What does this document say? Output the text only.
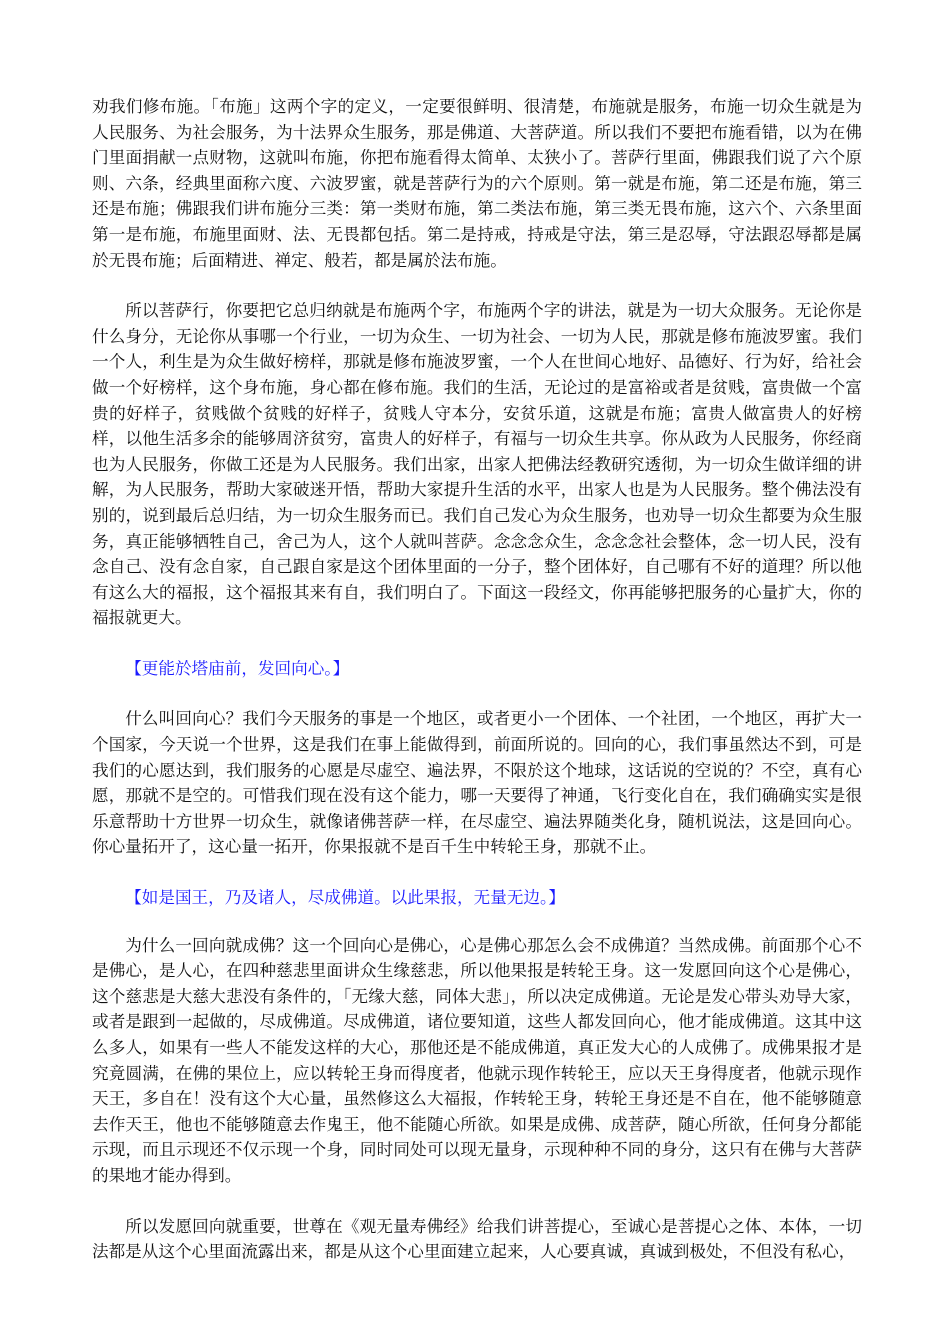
劝我们修布施。「布施」这两个字的定义，一定要很鲜明、很清楚，布施就是服务，布施一切众生就是为人民服务、为社会服务，为十法界众生服务，那是佛道、大菩萨道。所以我们不要把布施看错，以为在佛门里面捐献一点财物，这就叫布施，你把布施看得太简单、太狭小了。菩萨行里面，佛跟我们说了六个原则、六条，经典里面称六度、六波罗蜜，就是菩萨行为的六个原则。第一就是布施，第二还是布施，第三还是布施；佛跟我们讲布施分三类：第一类财布施，第二类法布施，第三类无畏布施，这六个、六条里面第一是布施，布施里面财、法、无畏都包括。第二是持戒，持戒是守法，第三是忍辱，守法跟忍辱都是属於无畏布施；后面精进、禅定、般若，都是属於法布施。

所以菩萨行，你要把它总归纳就是布施两个字，布施两个字的讲法，就是为一切大众服务。无论你是什么身分，无论你从事哪一个行业，一切为众生、一切为社会、一切为人民，那就是修布施波罗蜜。我们一个人，利生是为众生做好榜样，那就是修布施波罗蜜，一个人在世间心地好、品德好、行为好，给社会做一个好榜样，这个身布施，身心都在修布施。我们的生活，无论过的是富裕或者是贫贱，富贵做一个富贵的好样子，贫贱做个贫贱的好样子，贫贱人守本分，安贫乐道，这就是布施；富贵人做富贵人的好榜样，以他生活多余的能够周济贫穷，富贵人的好样子，有福与一切众生共享。你从政为人民服务，你经商也为人民服务，你做工还是为人民服务。我们出家，出家人把佛法经教研究透彻，为一切众生做详细的讲解，为人民服务，帮助大家破迷开悟，帮助大家提升生活的水平，出家人也是为人民服务。整个佛法没有别的，说到最后总归结，为一切众生服务而已。我们自己发心为众生服务，也劝导一切众生都要为众生服务，真正能够牺牲自己，舍己为人，这个人就叫菩萨。念念念众生，念念念社会整体，念一切人民，没有念自己、没有念自家，自己跟自家是这个团体里面的一分子，整个团体好，自己哪有不好的道理？所以他有这么大的福报，这个福报其来有自，我们明白了。下面这一段经文，你再能够把服务的心量扩大，你的福报就更大。

【更能於塔庙前，发回向心。】

什么叫回向心？我们今天服务的事是一个地区，或者更小一个团体、一个社团，一个地区，再扩大一个国家，今天说一个世界，这是我们在事上能做得到，前面所说的。回向的心，我们事虽然达不到，可是我们的心愿达到，我们服务的心愿是尽虚空、遍法界，不限於这个地球，这话说的空说的？不空，真有心愿，那就不是空的。可惜我们现在没有这个能力，哪一天要得了神通，飞行变化自在，我们确确实实是很乐意帮助十方世界一切众生，就像诸佛菩萨一样，在尽虚空、遍法界随类化身，随机说法，这是回向心。你心量拓开了，这心量一拓开，你果报就不是百千生中转轮王身，那就不止。

【如是国王，乃及诸人，尽成佛道。以此果报，无量无边。】

为什么一回向就成佛？这一个回向心是佛心，心是佛心那怎么会不成佛道？当然成佛。前面那个心不是佛心，是人心，在四种慈悲里面讲众生缘慈悲，所以他果报是转轮王身。这一发愿回向这个心是佛心，这个慈悲是大慈大悲没有条件的，「无缘大慈，同体大悲」，所以决定成佛道。无论是发心带头劝导大家，或者是跟到一起做的，尽成佛道。尽成佛道，诸位要知道，这些人都发回向心，他才能成佛道。这其中这么多人，如果有一些人不能发这样的大心，那他还是不能成佛道，真正发大心的人成佛了。成佛果报才是究竟圆满，在佛的果位上，应以转轮王身而得度者，他就示现作转轮王，应以天王身得度者，他就示现作天王，多自在！没有这个大心量，虽然修这么大福报，作转轮王身，转轮王身还是不自在，他不能够随意去作天王，他也不能够随意去作鬼王，他不能随心所欲。如果是成佛、成菩萨，随心所欲，任何身分都能示现，而且示现还不仅示现一个身，同时同处可以现无量身，示现种种不同的身分，这只有在佛与大菩萨的果地才能办得到。

所以发愿回向就重要，世尊在《观无量寿佛经》给我们讲菩提心，至诚心是菩提心之体、本体，一切法都是从这个心里面流露出来，都是从这个心里面建立起来，人心要真诚，真诚到极处，不但没有私心，
